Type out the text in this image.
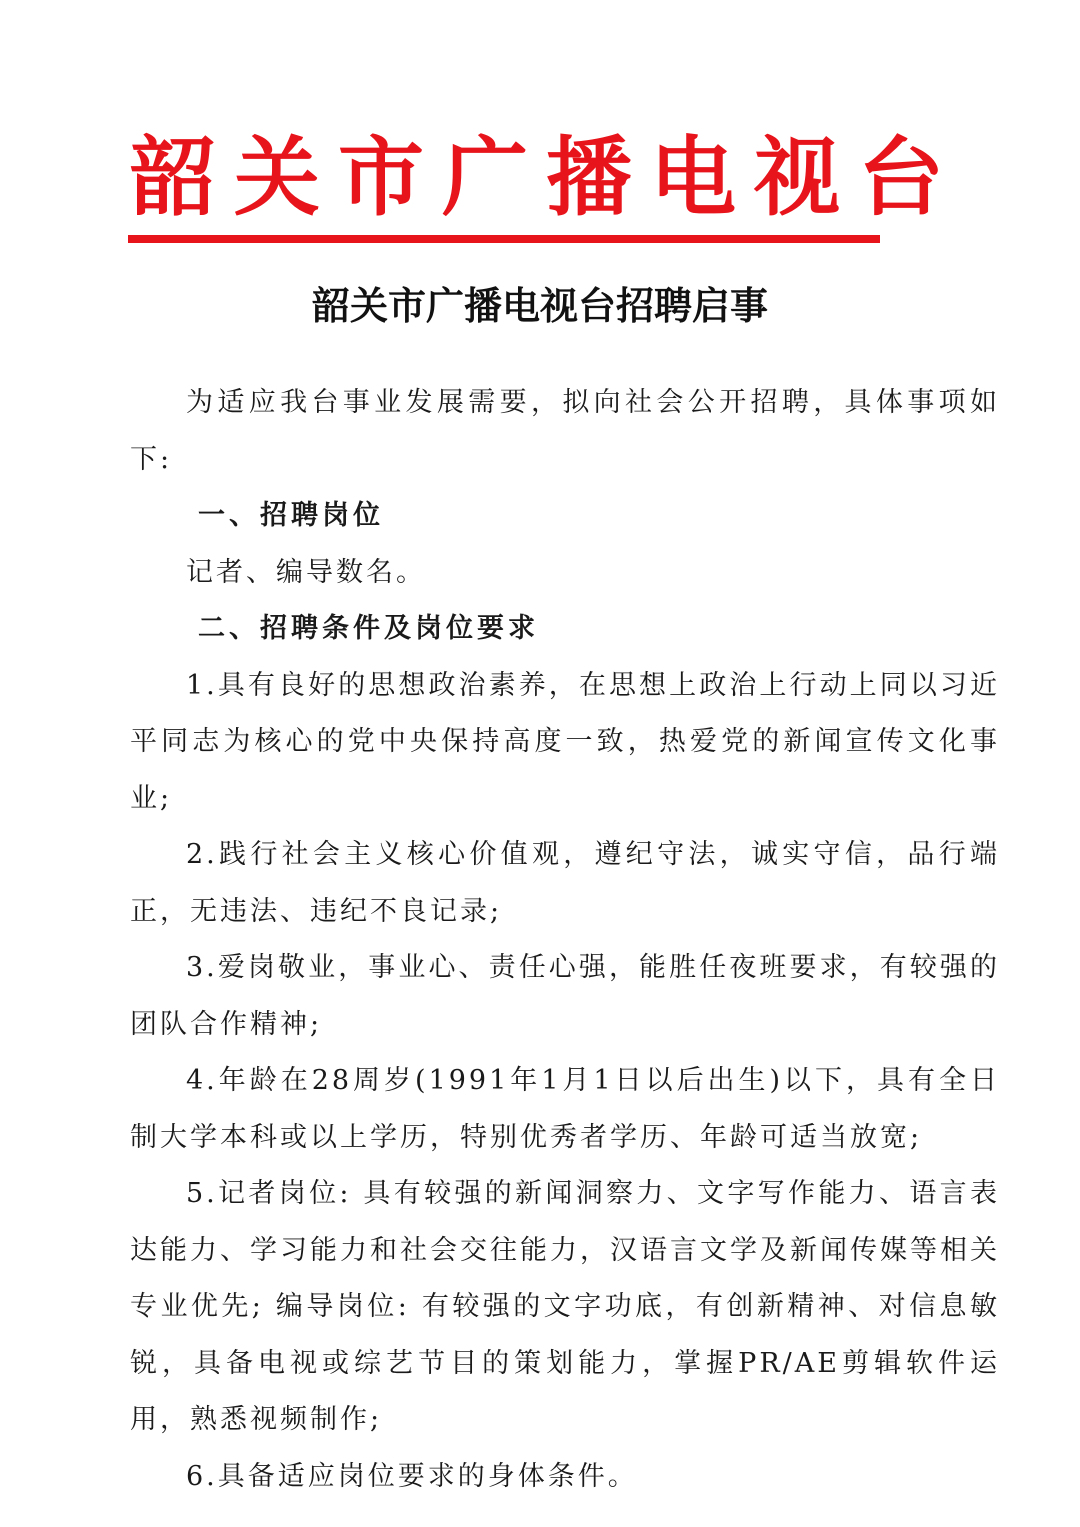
韶关市广播电视台
韶关市广播电视台招聘启事

为适应我台事业发展需要，拟向社会公开招聘，具体事项如下:

一、招聘岗位

记者、编导数名。

二、招聘条件及岗位要求

1.具有良好的思想政治素养，在思想上政治上行动上同以习近平同志为核心的党中央保持高度一致，热爱党的新闻宣传文化事业;

2.践行社会主义核心价值观，遵纪守法，诚实守信，品行端正，无违法、违纪不良记录;

3.爱岗敬业，事业心、责任心强，能胜任夜班要求，有较强的团队合作精神;

4.年龄在28周岁(1991年1月1日以后出生)以下，具有全日制大学本科或以上学历，特别优秀者学历、年龄可适当放宽;

5.记者岗位: 具有较强的新闻洞察力、文字写作能力、语言表达能力、学习能力和社会交往能力，汉语言文学及新闻传媒等相关专业优先; 编导岗位: 有较强的文字功底，有创新精神、对信息敏锐，具备电视或综艺节目的策划能力，掌握PR/AE剪辑软件运用，熟悉视频制作;

6.具备适应岗位要求的身体条件。
